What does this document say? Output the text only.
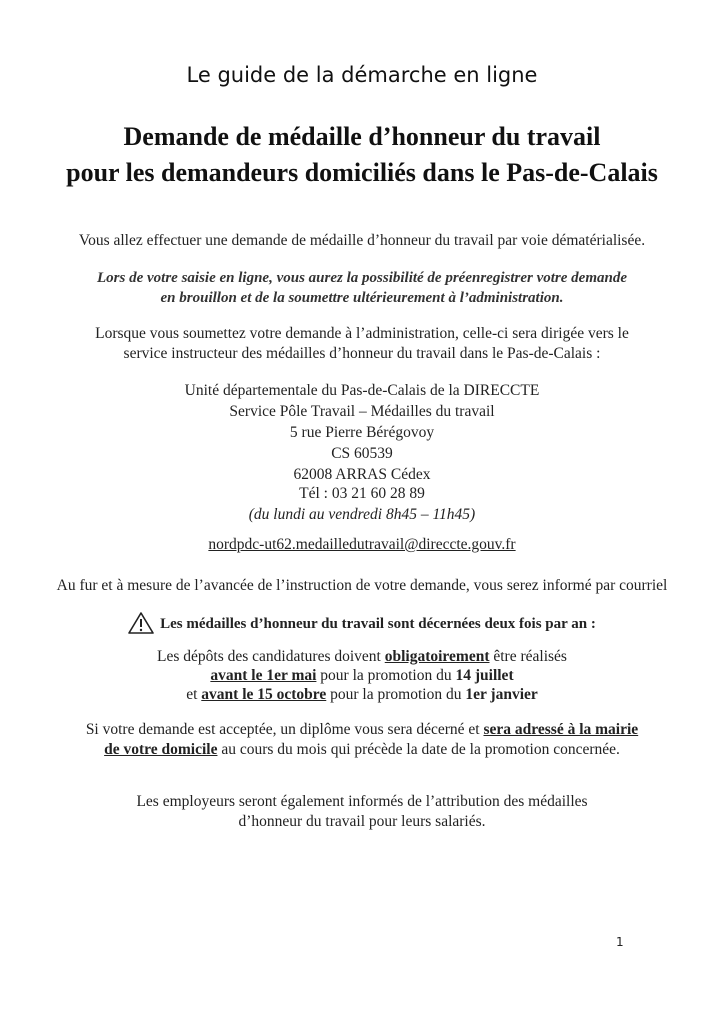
Le guide de la démarche en ligne
Demande de médaille d’honneur du travail
pour les demandeurs domiciliés dans le Pas-de-Calais
Vous allez effectuer une demande de médaille d’honneur du travail par voie dématérialisée.
Lors de votre saisie en ligne, vous aurez la possibilité de préenregistrer votre demande
en brouillon et de la soumettre ultérieurement à l’administration.
Lorsque vous soumettez votre demande à l’administration, celle-ci sera dirigée vers le
service instructeur des médailles d’honneur du travail dans le Pas-de-Calais :
Unité départementale du Pas-de-Calais de la DIRECCTE
Service Pôle Travail – Médailles du travail
5 rue Pierre Bérégovoy
CS 60539
62008 ARRAS Cédex
Tél : 03 21 60 28 89
(du lundi au vendredi 8h45 – 11h45)
nordpdc-ut62.medailledutravail@direccte.gouv.fr
Au fur et à mesure de l’avancée de l’instruction de votre demande, vous serez informé par courriel
Les médailles d’honneur du travail sont décernées deux fois par an :
Les dépôts des candidatures doivent obligatoirement être réalisés
avant le 1er mai pour la promotion du 14 juillet
et avant le 15 octobre pour la promotion du 1er janvier
Si votre demande est acceptée, un diplôme vous sera décerné et sera adressé à la mairie
de votre domicile au cours du mois qui précède la date de la promotion concernée.
Les employeurs seront également informés de l’attribution des médailles
d’honneur du travail pour leurs salariés.
1
